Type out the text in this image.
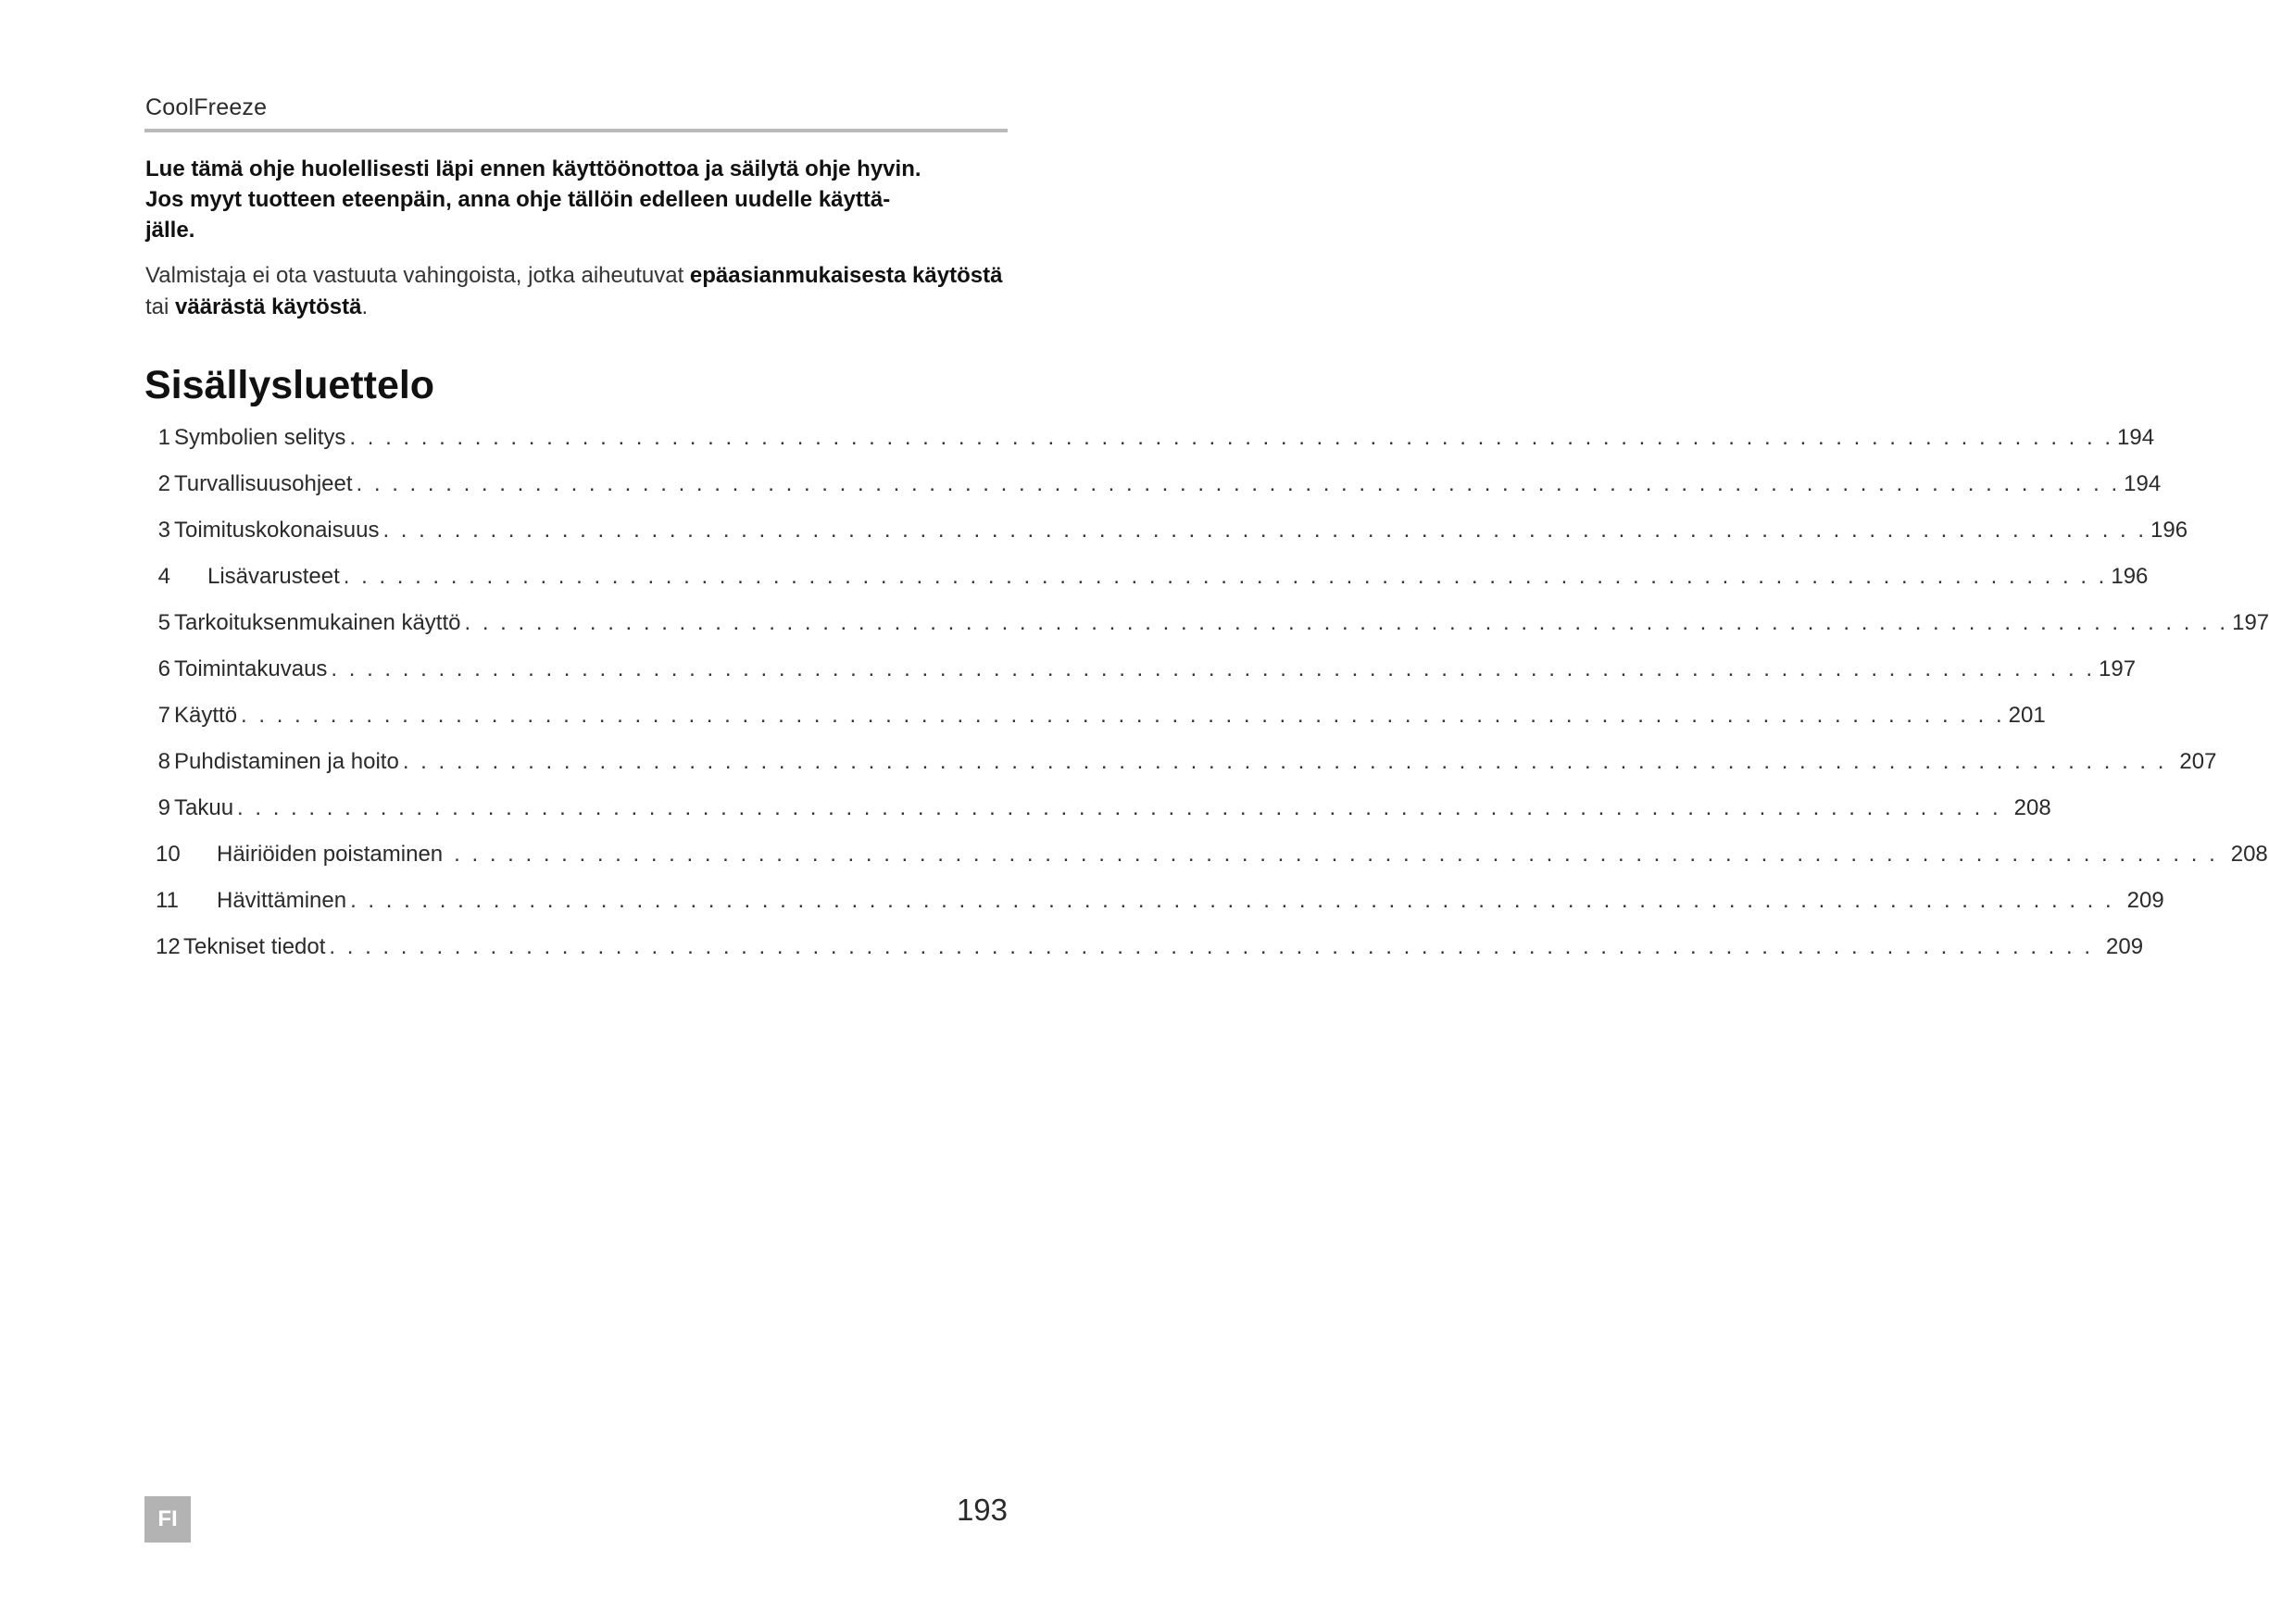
CoolFreeze
Lue tämä ohje huolellisesti läpi ennen käyttöönottoa ja säilytä ohje hyvin.
Jos myyt tuotteen eteenpäin, anna ohje tällöin edelleen uudelle käyttä-
jälle.

Valmistaja ei ota vastuuta vahingoista, jotka aiheutuvat epäasianmukaisesta käytöstä tai väärästä käytöstä.

Sisällysluettelo
1 Symbolien selitys . . . . . . . . . . . . . . . . . . . . . . . . . . . . . . . . . . . . . . . . . . . . . . . . . . . . . . . . . . . . . . . . . . . . . . . . . . . . . . . . . . . . . . . . . . . . . . . . . . . 194
2 Turvallisuusohjeet . . . . . . . . . . . . . . . . . . . . . . . . . . . . . . . . . . . . . . . . . . . . . . . . . . . . . . . . . . . . . . . . . . . . . . . . . . . . . . . . . . . . . . . . . . . . . . . . . . . 194
3 Toimituskokonaisuus . . . . . . . . . . . . . . . . . . . . . . . . . . . . . . . . . . . . . . . . . . . . . . . . . . . . . . . . . . . . . . . . . . . . . . . . . . . . . . . . . . . . . . . . . . . . . . . . . . . 196
4 Lisävarusteet . . . . . . . . . . . . . . . . . . . . . . . . . . . . . . . . . . . . . . . . . . . . . . . . . . . . . . . . . . . . . . . . . . . . . . . . . . . . . . . . . . . . . . . . . . . . . . . . . . . 196
5 Tarkoituksenmukainen käyttö . . . . . . . . . . . . . . . . . . . . . . . . . . . . . . . . . . . . . . . . . . . . . . . . . . . . . . . . . . . . . . . . . . . . . . . . . . . . . . . . . . . . . . . . . . . . . . . . . . . 197
6 Toimintakuvaus . . . . . . . . . . . . . . . . . . . . . . . . . . . . . . . . . . . . . . . . . . . . . . . . . . . . . . . . . . . . . . . . . . . . . . . . . . . . . . . . . . . . . . . . . . . . . . . . . . . 197
7 Käyttö . . . . . . . . . . . . . . . . . . . . . . . . . . . . . . . . . . . . . . . . . . . . . . . . . . . . . . . . . . . . . . . . . . . . . . . . . . . . . . . . . . . . . . . . . . . . . . . . . . . 201
8 Puhdistaminen ja hoito . . . . . . . . . . . . . . . . . . . . . . . . . . . . . . . . . . . . . . . . . . . . . . . . . . . . . . . . . . . . . . . . . . . . . . . . . . . . . . . . . . . . . . . . . . . . . . . . . . . 207
9 Takuu . . . . . . . . . . . . . . . . . . . . . . . . . . . . . . . . . . . . . . . . . . . . . . . . . . . . . . . . . . . . . . . . . . . . . . . . . . . . . . . . . . . . . . . . . . . . . . . . . . . 208
10 Häiriöiden poistaminen . . . . . . . . . . . . . . . . . . . . . . . . . . . . . . . . . . . . . . . . . . . . . . . . . . . . . . . . . . . . . . . . . . . . . . . . . . . . . . . . . . . . . . . . . . . . . . . . . . . 208
11 Hävittäminen . . . . . . . . . . . . . . . . . . . . . . . . . . . . . . . . . . . . . . . . . . . . . . . . . . . . . . . . . . . . . . . . . . . . . . . . . . . . . . . . . . . . . . . . . . . . . . . . . . . 209
12 Tekniset tiedot . . . . . . . . . . . . . . . . . . . . . . . . . . . . . . . . . . . . . . . . . . . . . . . . . . . . . . . . . . . . . . . . . . . . . . . . . . . . . . . . . . . . . . . . . . . . . . . . . . . 209
FI	193
